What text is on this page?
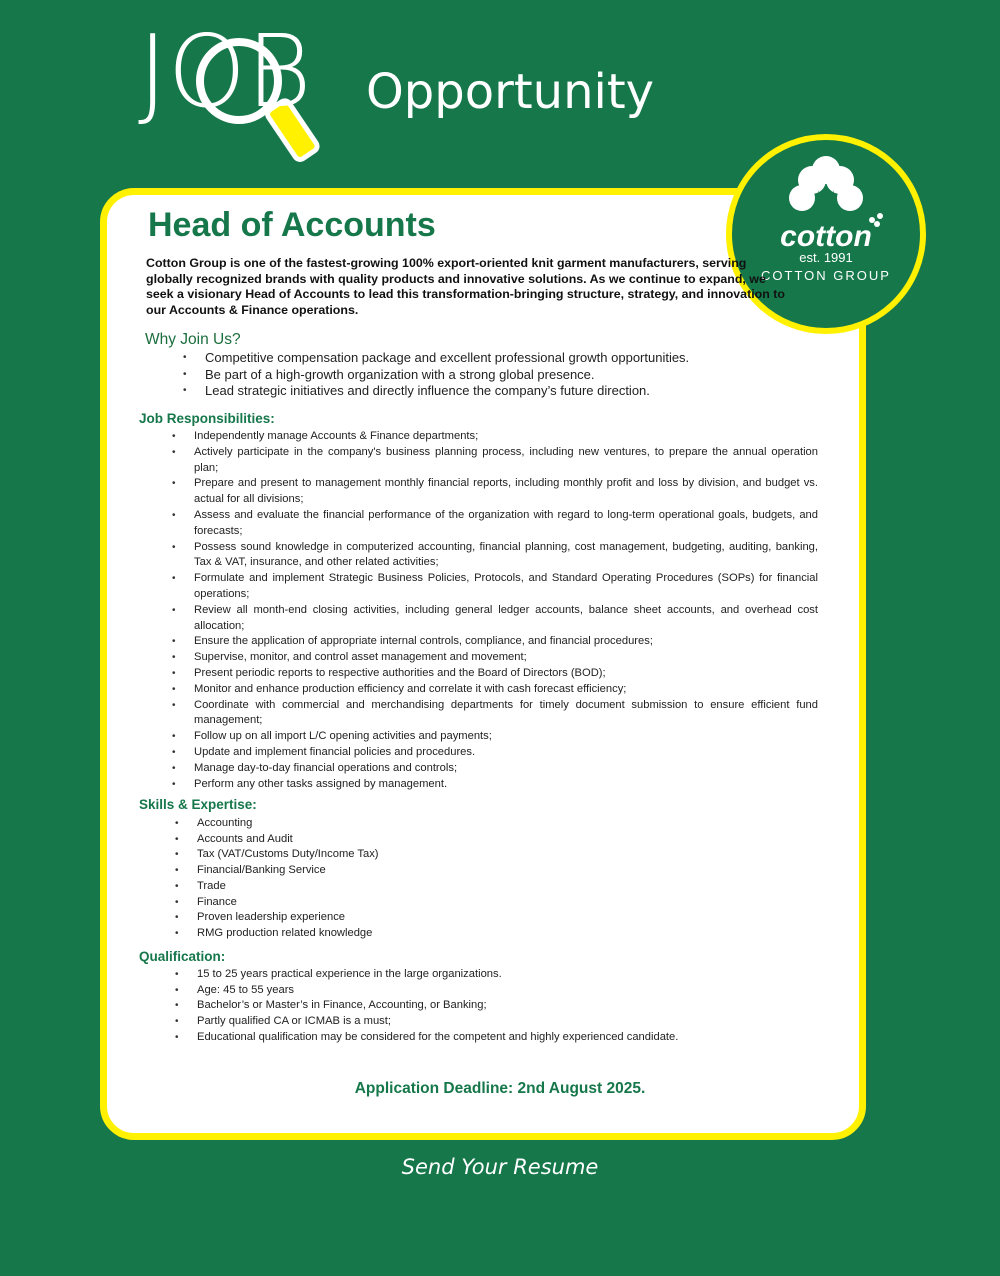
JOB Opportunity
cotton
est. 1991
COTTON GROUP
Head of Accounts
Cotton Group is one of the fastest-growing 100% export-oriented knit garment manufacturers, serving globally recognized brands with quality products and innovative solutions. As we continue to expand, we seek a visionary Head of Accounts to lead this transformation-bringing structure, strategy, and innovation to our Accounts & Finance operations.
Why Join Us?
• Competitive compensation package and excellent professional growth opportunities.
• Be part of a high-growth organization with a strong global presence.
• Lead strategic initiatives and directly influence the company’s future direction.
Job Responsibilities:
• Independently manage Accounts & Finance departments;
• Actively participate in the company's business planning process, including new ventures, to prepare the annual operation plan;
• Prepare and present to management monthly financial reports, including monthly profit and loss by division, and budget vs. actual for all divisions;
• Assess and evaluate the financial performance of the organization with regard to long-term operational goals, budgets, and forecasts;
• Possess sound knowledge in computerized accounting, financial planning, cost management, budgeting, auditing, banking, Tax & VAT, insurance, and other related activities;
• Formulate and implement Strategic Business Policies, Protocols, and Standard Operating Procedures (SOPs) for financial operations;
• Review all month-end closing activities, including general ledger accounts, balance sheet accounts, and overhead cost allocation;
• Ensure the application of appropriate internal controls, compliance, and financial procedures;
• Supervise, monitor, and control asset management and movement;
• Present periodic reports to respective authorities and the Board of Directors (BOD);
• Monitor and enhance production efficiency and correlate it with cash forecast efficiency;
• Coordinate with commercial and merchandising departments for timely document submission to ensure efficient fund management;
• Follow up on all import L/C opening activities and payments;
• Update and implement financial policies and procedures.
• Manage day-to-day financial operations and controls;
• Perform any other tasks assigned by management.
Skills & Expertise:
• Accounting
• Accounts and Audit
• Tax (VAT/Customs Duty/Income Tax)
• Financial/Banking Service
• Trade
• Finance
• Proven leadership experience
• RMG production related knowledge
Qualification:
• 15 to 25 years practical experience in the large organizations.
• Age: 45 to 55 years
• Bachelor’s or Master’s in Finance, Accounting, or Banking;
• Partly qualified CA or ICMAB is a must;
• Educational qualification may be considered for the competent and highly experienced candidate.
Application Deadline: 2nd August 2025.
Send Your Resume
